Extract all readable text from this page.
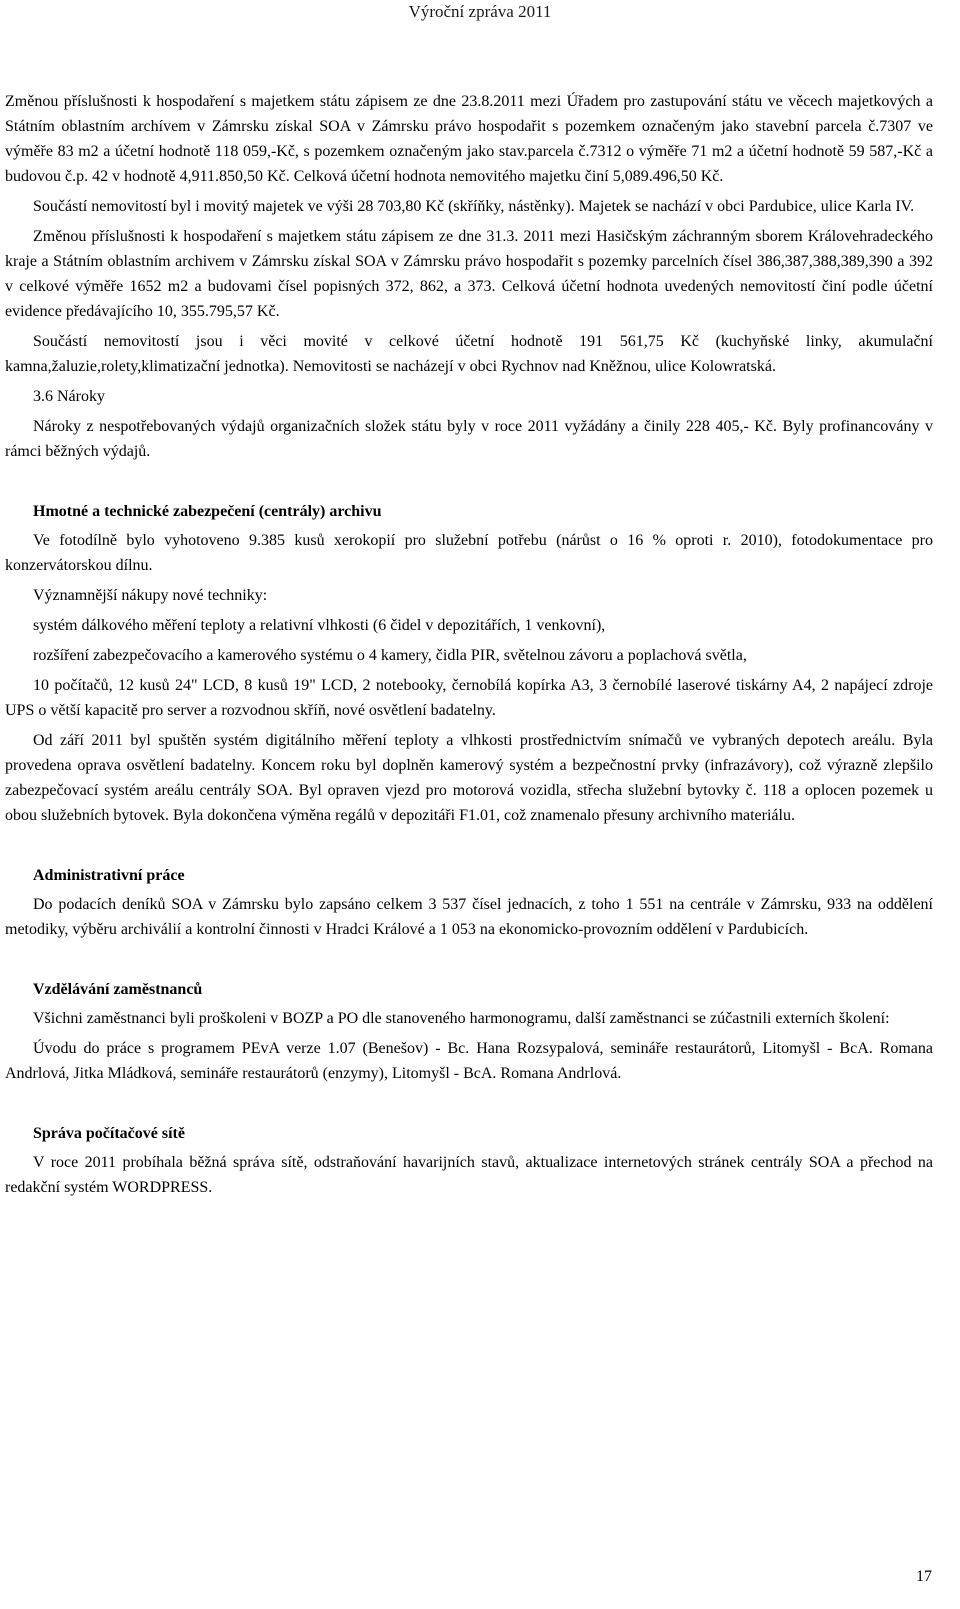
Výroční zpráva 2011

Změnou příslušnosti k hospodaření s majetkem státu zápisem ze dne 23.8.2011 mezi Úřadem pro zastupování státu ve věcech majetkových a Státním oblastním archívem v Zámrsku získal SOA v Zámrsku právo hospodařit s pozemkem označeným jako stavební parcela č.7307 ve výměře 83 m2 a účetní hodnotě 118 059,-Kč, s pozemkem označeným jako stav.parcela č.7312 o výměře 71 m2 a účetní hodnotě 59 587,-Kč a budovou č.p. 42 v hodnotě 4,911.850,50 Kč. Celková účetní hodnota nemovitého majetku činí 5,089.496,50 Kč.

Součástí nemovitostí byl i movitý majetek ve výši 28 703,80 Kč (skříňky, nástěnky). Majetek se nachází v obci Pardubice, ulice Karla IV.

Změnou příslušnosti k hospodaření s majetkem státu zápisem ze dne 31.3. 2011 mezi Hasičským záchranným sborem Královehradeckého kraje a Státním oblastním archivem v Zámrsku získal SOA v Zámrsku právo hospodařit s pozemky parcelních čísel 386,387,388,389,390 a 392 v celkové výměře 1652 m2 a budovami čísel popisných 372, 862, a 373. Celková účetní hodnota uvedených nemovitostí činí podle účetní evidence předávajícího 10, 355.795,57 Kč.

Součástí nemovitostí jsou i věci movité v celkové účetní hodnotě 191 561,75 Kč (kuchyňské linky, akumulační kamna,žaluzie,rolety,klimatizační jednotka). Nemovitosti se nacházejí v obci Rychnov nad Kněžnou, ulice Kolowratská.

3.6 Nároky

Nároky z nespotřebovaných výdajů organizačních složek státu byly v roce 2011 vyžádány a činily 228 405,- Kč. Byly profinancovány v rámci běžných výdajů.

Hmotné a technické zabezpečení (centrály) archivu

Ve fotodílně bylo vyhotoveno 9.385 kusů xerokopií pro služební potřebu (nárůst o 16 % oproti r. 2010), fotodokumentace pro konzervátorskou dílnu.

Významnější nákupy nové techniky:

systém dálkového měření teploty a relativní vlhkosti (6 čidel v depozitářích, 1 venkovní),

rozšíření zabezpečovacího a kamerového systému o 4 kamery, čidla PIR, světelnou závoru a poplachová světla,

10 počítačů, 12 kusů 24" LCD, 8 kusů 19" LCD, 2 notebooky, černobílá kopírka A3, 3 černobílé laserové tiskárny A4, 2 napájecí zdroje UPS o větší kapacitě pro server a rozvodnou skříň, nové osvětlení badatelny.

Od září 2011 byl spuštěn systém digitálního měření teploty a vlhkosti prostřednictvím snímačů ve vybraných depotech areálu. Byla provedena oprava osvětlení badatelny. Koncem roku byl doplněn kamerový systém a bezpečnostní prvky (infrazávory), což výrazně zlepšilo zabezpečovací systém areálu centrály SOA. Byl opraven vjezd pro motorová vozidla, střecha služební bytovky č. 118 a oplocen pozemek u obou služebních bytovek. Byla dokončena výměna regálů v depozitáři F1.01, což znamenalo přesuny archivního materiálu.

Administrativní práce

Do podacích deníků SOA v Zámrsku bylo zapsáno celkem 3 537 čísel jednacích, z toho 1 551 na centrále v Zámrsku, 933 na oddělení metodiky, výběru archiválií a kontrolní činnosti v Hradci Králové a 1 053 na ekonomicko-provozním oddělení v Pardubicích.

Vzdělávání zaměstnanců

Všichni zaměstnanci byli proškoleni v BOZP a PO dle stanoveného harmonogramu, další zaměstnanci se zúčastnili externích školení:

Úvodu do práce s programem PEvA verze 1.07 (Benešov) - Bc. Hana Rozsypalová, semináře restaurátorů, Litomyšl - BcA. Romana Andrlová, Jitka Mládková, semináře restaurátorů (enzymy), Litomyšl - BcA. Romana Andrlová.

Správa počítačové sítě

V roce 2011 probíhala běžná správa sítě, odstraňování havarijních stavů, aktualizace internetových stránek centrály SOA a přechod na redakční systém WORDPRESS.

17
